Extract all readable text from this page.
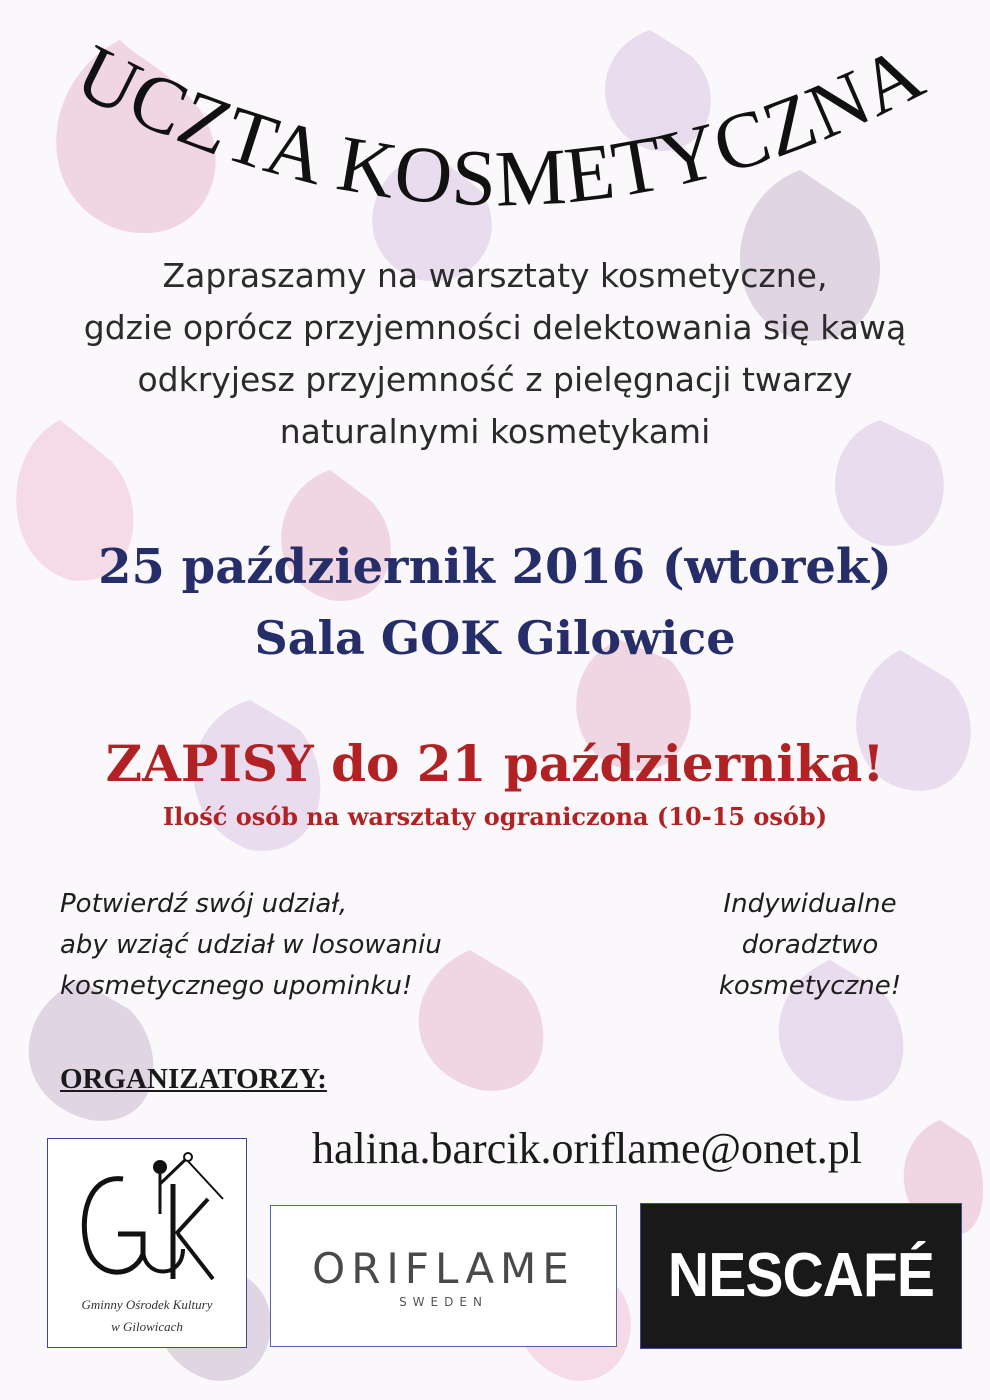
UCZTA KOSMETYCZNA
Zapraszamy na warsztaty kosmetyczne,
gdzie oprócz przyjemności delektowania się kawą
odkryjesz przyjemność z pielęgnacji twarzy
naturalnymi kosmetykami
25 październik 2016 (wtorek)
Sala GOK Gilowice
ZAPISY do 21 października!
Ilość osób na warsztaty ograniczona (10-15 osób)
Potwierdź swój udział,
aby wziąć udział w losowaniu
kosmetycznego upominku!
Indywidualne
doradztwo
kosmetyczne!
ORGANIZATORZY:
halina.barcik.oriflame@onet.pl
Gminny Ośrodek Kultury
w Gilowicach
ORIFLAME
SWEDEN	NESCAFÉ
